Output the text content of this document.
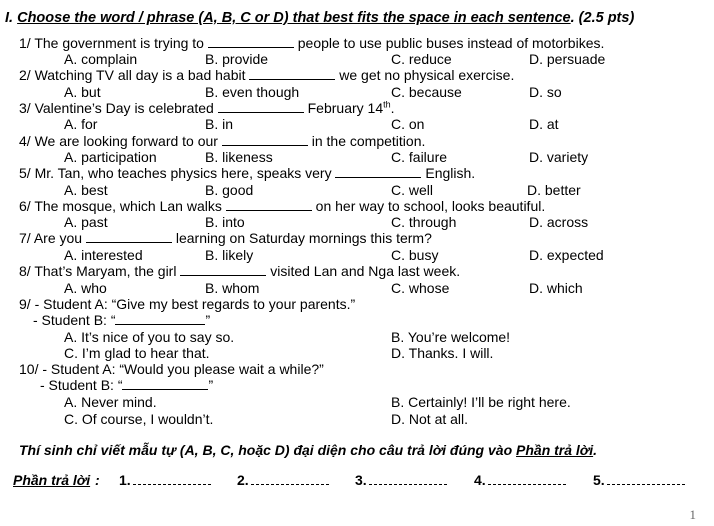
I. Choose the word / phrase (A, B, C or D) that best fits the space in each sentence. (2.5 pts)
1/ The government is trying to	people to use public buses instead of motorbikes.
A. complain	B. provide	C. reduce	D. persuade
2/ Watching TV all day is a bad habit	we get no physical exercise.
A. but	B. even though	C. because	D. so
3/ Valentine’s Day is celebrated	February 14th.
A. for	B. in	C. on	D. at
4/ We are looking forward to our	in the competition.
A. participation	B. likeness	C. failure	D. variety
5/ Mr. Tan, who teaches physics here, speaks very	English.
A. best	B. good	C. well	D. better
6/ The mosque, which Lan walks	on her way to school, looks beautiful.
A. past	B. into	C. through	D. across
7/ Are you	learning on Saturday mornings this term?
A. interested	B. likely	C. busy	D. expected
8/ That’s Maryam, the girl	visited Lan and Nga last week.
A. who	B. whom	C. whose	D. which
9/ - Student A: “Give my best regards to your parents.”
- Student B: “	”
A. It’s nice of you to say so.	B. You’re welcome!
C. I’m glad to hear that.	D. Thanks. I will.
10/ - Student A: “Would you please wait a while?”
- Student B: “	”
A. Never mind.	B. Certainly! I’ll be right here.
C. Of course, I wouldn’t.	D. Not at all.
Thí sinh chỉ viết mẫu tự (A, B, C, hoặc D) đại diện cho câu trả lời đúng vào Phần trả lời.
Phần trả lời : 1.	2.	3.	4.	5.
1
